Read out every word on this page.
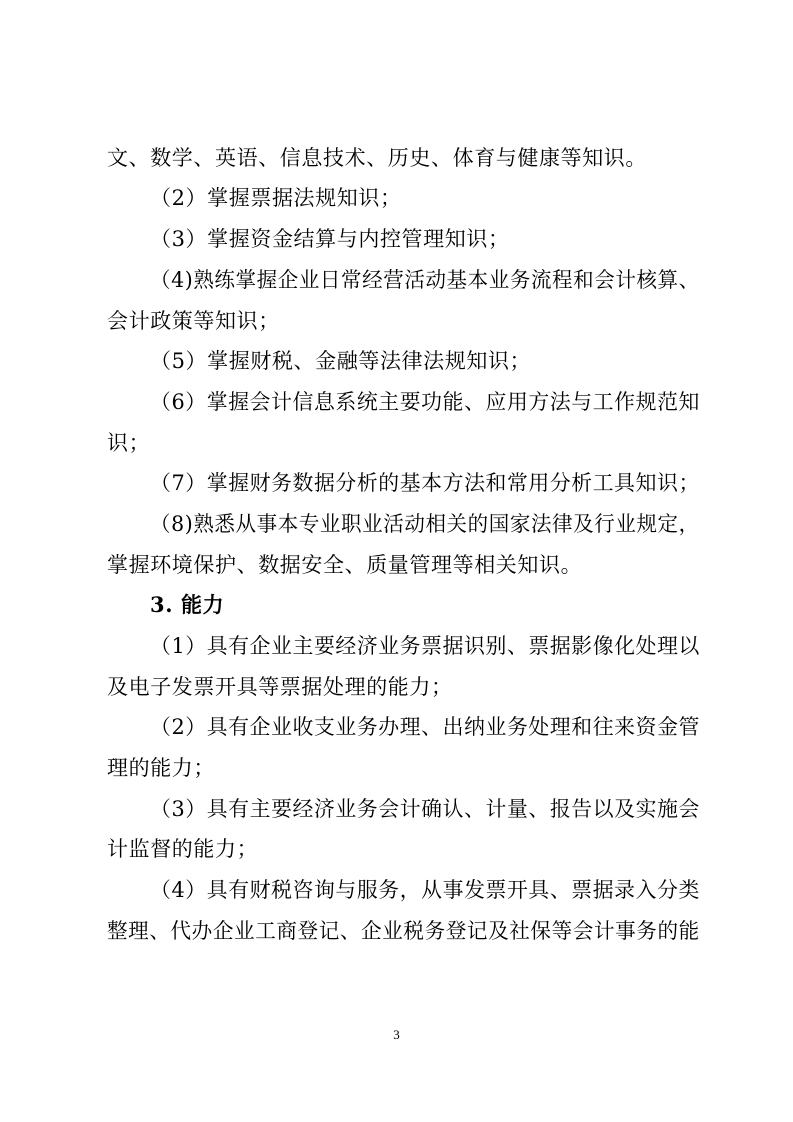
文、数学、英语、信息技术、历史、体育与健康等知识。
（2）掌握票据法规知识；
（3）掌握资金结算与内控管理知识；
（4)熟练掌握企业日常经营活动基本业务流程和会计核算、
会计政策等知识；
（5）掌握财税、金融等法律法规知识；
（6）掌握会计信息系统主要功能、应用方法与工作规范知
识；
（7）掌握财务数据分析的基本方法和常用分析工具知识；
（8)熟悉从事本专业职业活动相关的国家法律及行业规定，
掌握环境保护、数据安全、质量管理等相关知识。
3. 能力
（1）具有企业主要经济业务票据识别、票据影像化处理以
及电子发票开具等票据处理的能力；
（2）具有企业收支业务办理、出纳业务处理和往来资金管
理的能力；
（3）具有主要经济业务会计确认、计量、报告以及实施会
计监督的能力；
（4）具有财税咨询与服务，从事发票开具、票据录入分类
整理、代办企业工商登记、企业税务登记及社保等会计事务的能
3
